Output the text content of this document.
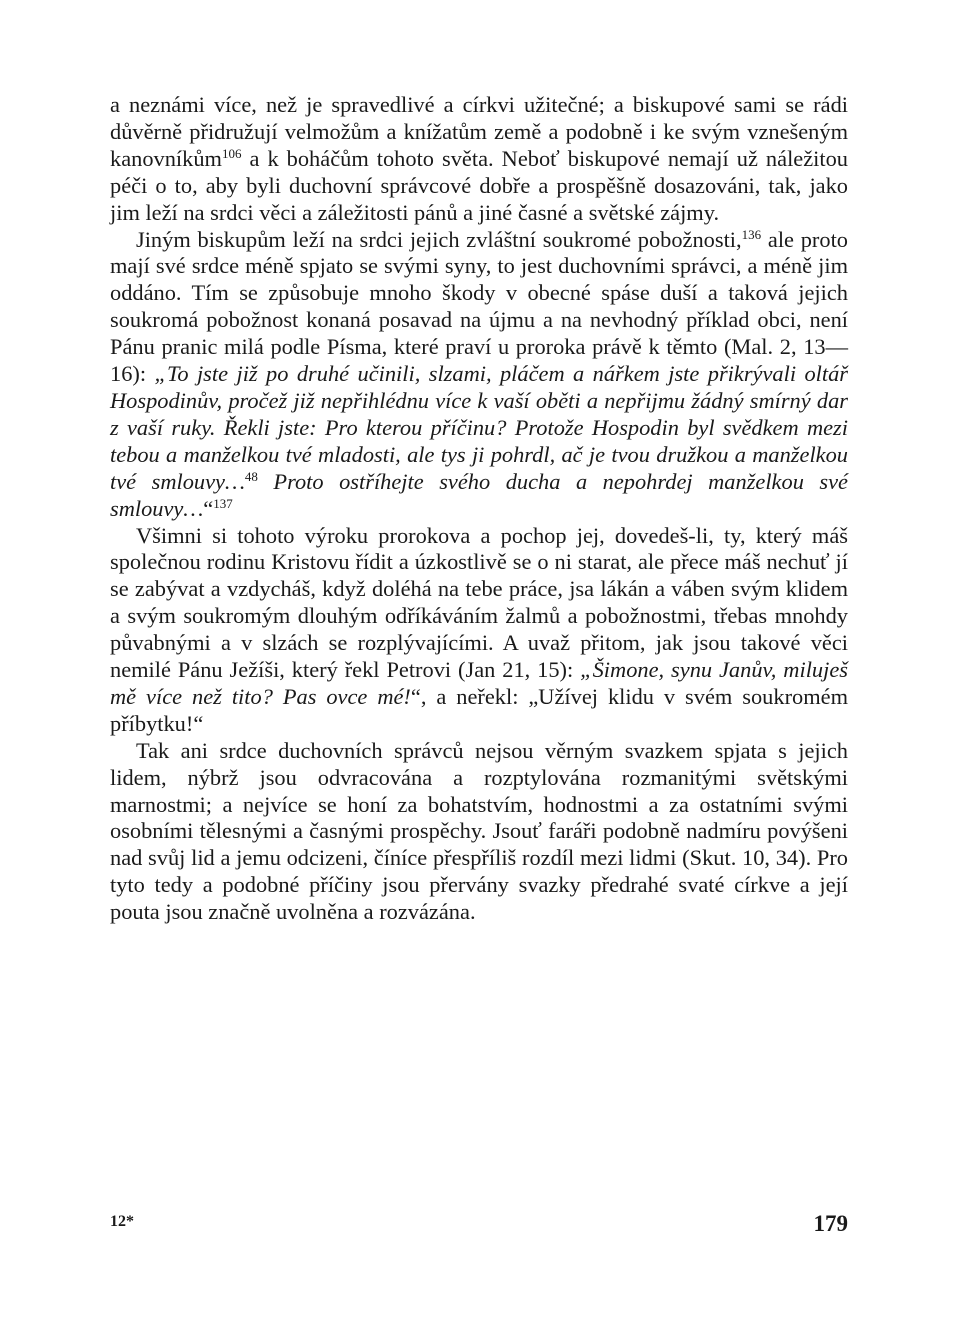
a neznámi více, než je spravedlivé a církvi užitečné; a biskupové sami se rádi důvěrně přidružují velmožům a knížatům země a podobně i ke svým vznešeným kanovníkům$^{106}$ a k boháčům tohoto světa. Neboť biskupové nemají už náležitou péči o to, aby byli duchovní správcové dobře a prospěšně dosazováni, tak, jako jim leží na srdci věci a záležitosti pánů a jiné časné a světské zájmy.

Jiným biskupům leží na srdci jejich zvláštní soukromé pobožnosti,$^{136}$ ale proto mají své srdce méně spjato se svými syny, to jest duchovními správci, a méně jim oddáno. Tím se způsobuje mnoho škody v obecné spáse duší a taková jejich soukromá pobožnost konaná posavad na újmu a na nevhodný příklad obci, není Pánu pranic milá podle Písma, které praví u proroka právě k těmto (Mal. 2, 13—16): „To jste již po druhé učinili, slzami, pláčem a nářkem jste přikrývali oltář Hospodinův, pročež již nepřihlédnu více k vaší oběti a nepřijmu žádný smírný dar z vaší ruky. Řekli jste: Pro kterou příčinu? Protože Hospodin byl svědkem mezi tebou a manželkou tvé mladosti, ale tys ji pohrdl, ač je tvou družkou a manželkou tvé smlouvy…$^{48}$ Proto ostříhejte svého ducha a nepohrdej manželkou své smlouvy…“$^{137}$

Všimni si tohoto výroku prorokova a pochop jej, dovedeš-li, ty, který máš společnou rodinu Kristovu řídit a úzkostlivě se o ni starat, ale přece máš nechuť jí se zabývat a vzdycháš, když doléhá na tebe práce, jsa lákán a váben svým klidem a svým soukromým dlouhým odříkáváním žalmů a pobožnostmi, třebas mnohdy půvabnými a v slzách se rozplývajícími. A uvaž přitom, jak jsou takové věci nemilé Pánu Ježíši, který řekl Petrovi (Jan 21, 15): „Šimone, synu Janův, miluješ mě více než tito? Pas ovce mé!“, a neřekl: „Užívej klidu v svém soukromém příbytku!“

Tak ani srdce duchovních správců nejsou věrným svazkem spjata s jejich lidem, nýbrž jsou odvracována a rozptylována rozmanitými světskými marnostmi; a nejvíce se honí za bohatstvím, hodnostmi a za ostatními svými osobními tělesnými a časnými prospěchy. Jsouť faráři podobně nadmíru povýšeni nad svůj lid a jemu odcizeni, číníce přespříliš rozdíl mezi lidmi (Skut. 10, 34). Pro tyto tedy a podobné příčiny jsou přervány svazky předrahé svaté církve a její pouta jsou značně uvolněna a rozvázána.

12*	179
